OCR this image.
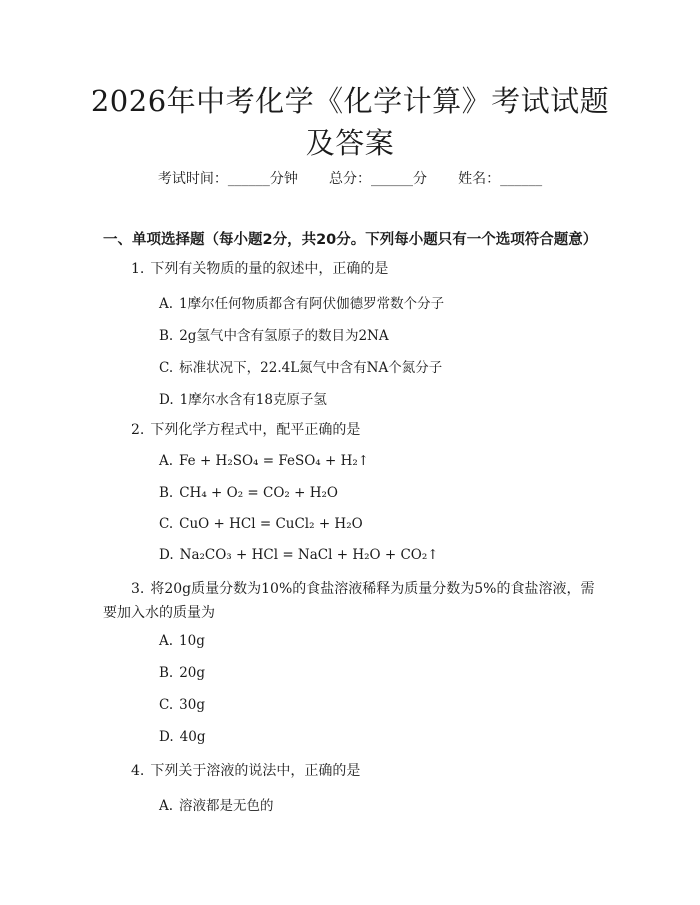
2026年中考化学《化学计算》考试试题及答案
考试时间：______分钟 总分：______分 姓名：______
一、单项选择题（每小题2分，共20分。下列每小题只有一个选项符合题意）
1. 下列有关物质的量的叙述中，正确的是
A. 1摩尔任何物质都含有阿伏伽德罗常数个分子
B. 2g氢气中含有氢原子的数目为2NA
C. 标准状况下，22.4L氮气中含有NA个氮分子
D. 1摩尔水含有18克原子氢
2. 下列化学方程式中，配平正确的是
A. Fe + H₂SO₄ = FeSO₄ + H₂↑
B. CH₄ + O₂ = CO₂ + H₂O
C. CuO + HCl = CuCl₂ + H₂O
D. Na₂CO₃ + HCl = NaCl + H₂O + CO₂↑
3. 将20g质量分数为10%的食盐溶液稀释为质量分数为5%的食盐溶液，需要加入水的质量为
A. 10g
B. 20g
C. 30g
D. 40g
4. 下列关于溶液的说法中，正确的是
A. 溶液都是无色的
